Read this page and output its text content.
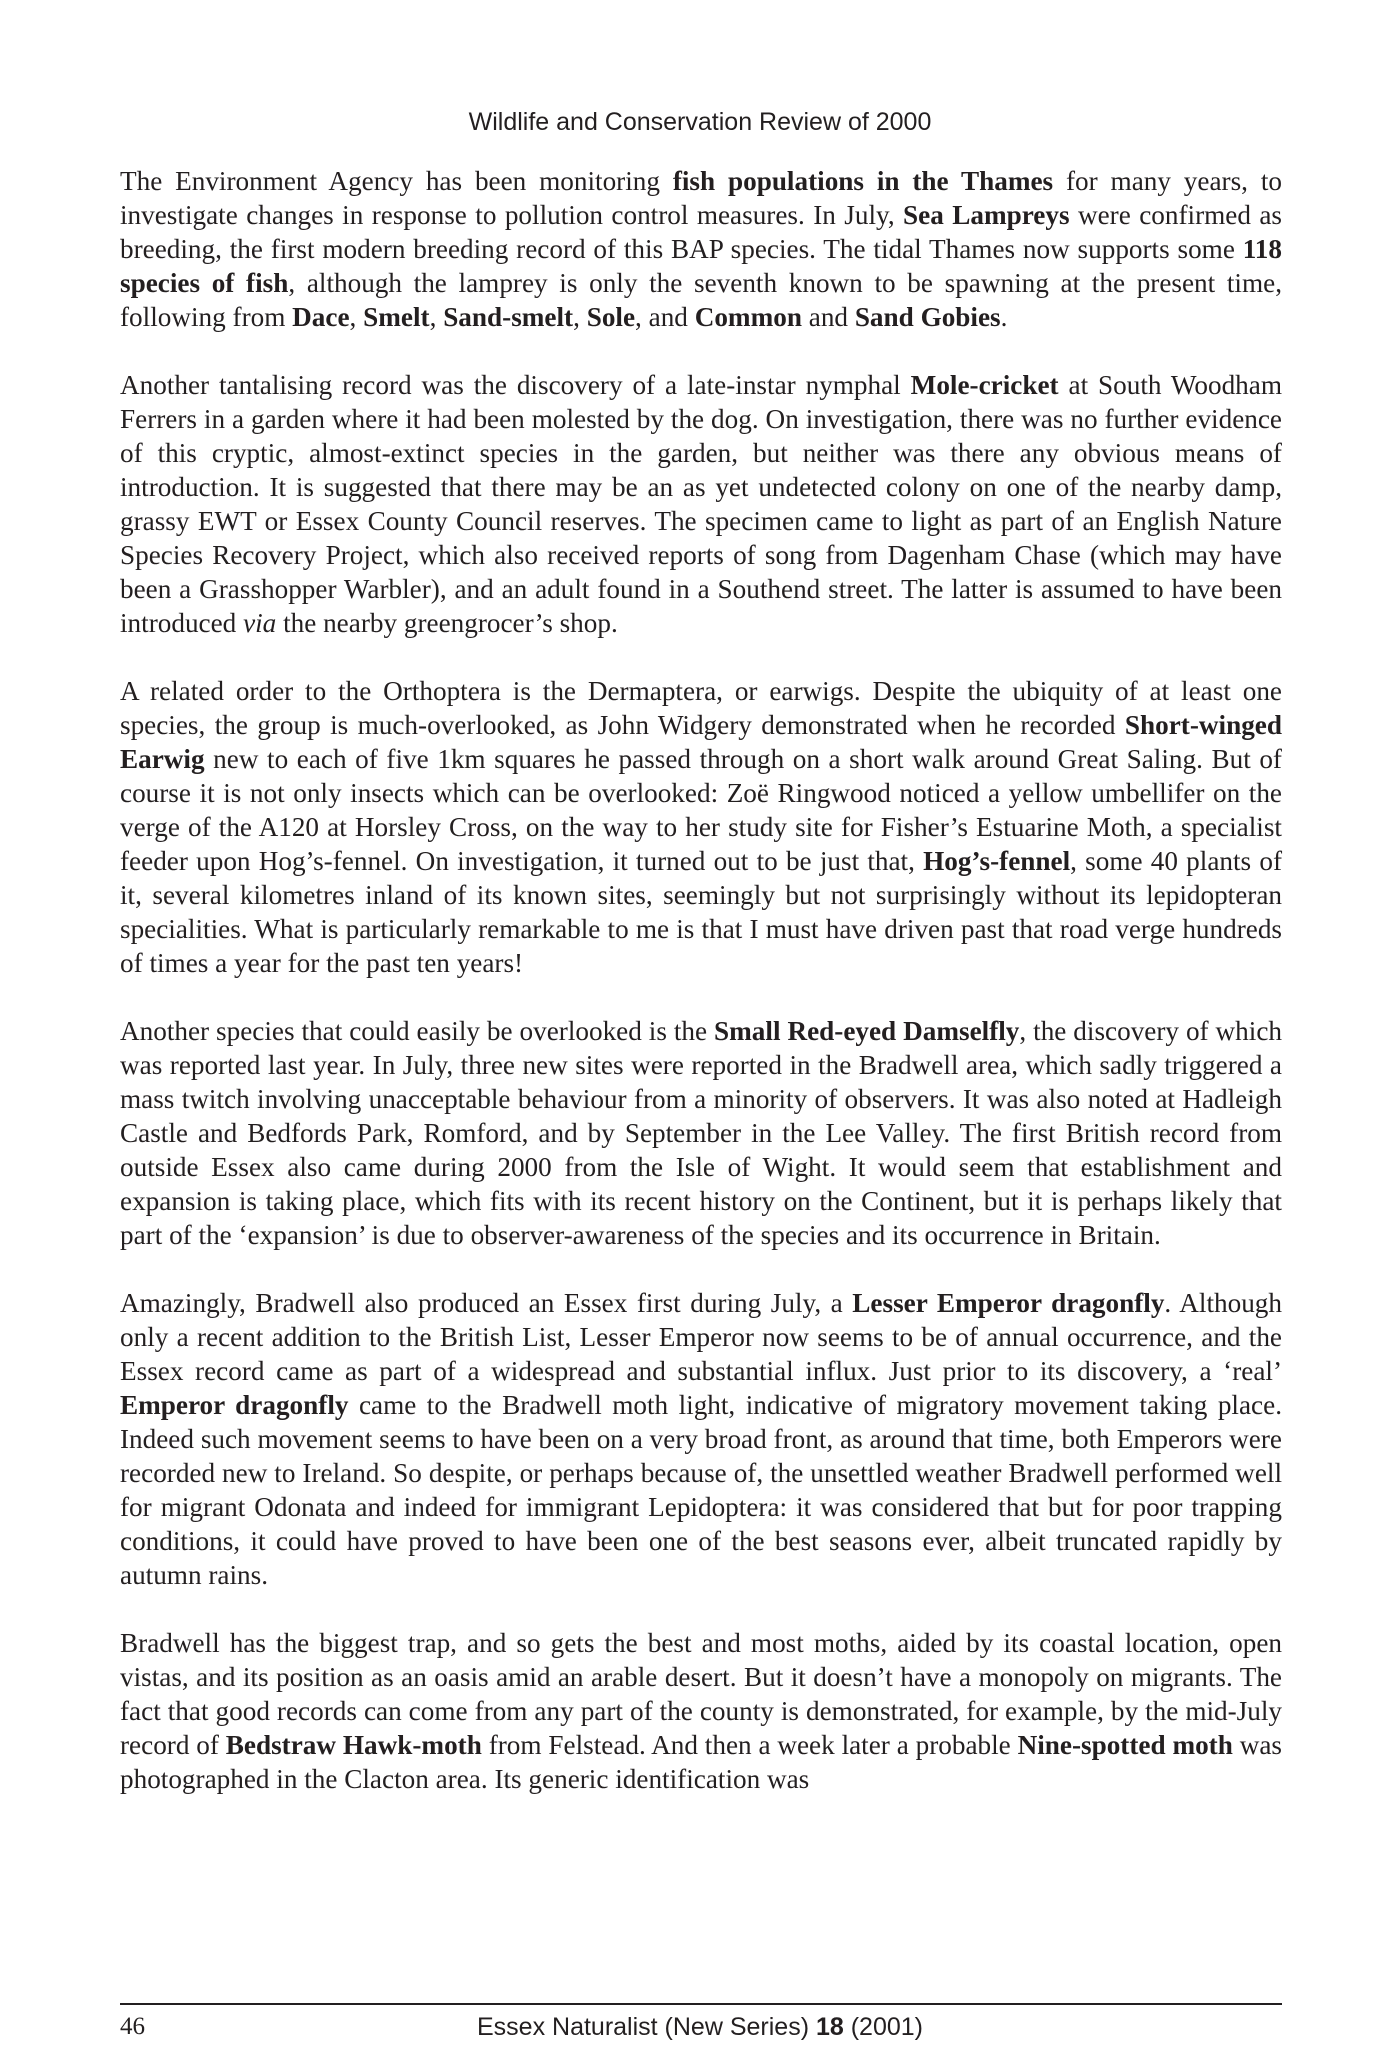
Wildlife and Conservation Review of 2000

The Environment Agency has been monitoring fish populations in the Thames for many years, to investigate changes in response to pollution control measures. In July, Sea Lampreys were confirmed as breeding, the first modern breeding record of this BAP species. The tidal Thames now supports some 118 species of fish, although the lamprey is only the seventh known to be spawning at the present time, following from Dace, Smelt, Sand-smelt, Sole, and Common and Sand Gobies.

Another tantalising record was the discovery of a late-instar nymphal Mole-cricket at South Woodham Ferrers in a garden where it had been molested by the dog. On investigation, there was no further evidence of this cryptic, almost-extinct species in the garden, but neither was there any obvious means of introduction. It is suggested that there may be an as yet undetected colony on one of the nearby damp, grassy EWT or Essex County Council reserves. The specimen came to light as part of an English Nature Species Recovery Project, which also received reports of song from Dagenham Chase (which may have been a Grasshopper Warbler), and an adult found in a Southend street. The latter is assumed to have been introduced via the nearby greengrocer’s shop.

A related order to the Orthoptera is the Dermaptera, or earwigs. Despite the ubiquity of at least one species, the group is much-overlooked, as John Widgery demonstrated when he recorded Short-winged Earwig new to each of five 1km squares he passed through on a short walk around Great Saling. But of course it is not only insects which can be overlooked: Zoë Ringwood noticed a yellow umbellifer on the verge of the A120 at Horsley Cross, on the way to her study site for Fisher’s Estuarine Moth, a specialist feeder upon Hog’s-fennel. On investigation, it turned out to be just that, Hog’s-fennel, some 40 plants of it, several kilometres inland of its known sites, seemingly but not surprisingly without its lepidopteran specialities. What is particularly remarkable to me is that I must have driven past that road verge hundreds of times a year for the past ten years!

Another species that could easily be overlooked is the Small Red-eyed Damselfly, the discovery of which was reported last year. In July, three new sites were reported in the Bradwell area, which sadly triggered a mass twitch involving unacceptable behaviour from a minority of observers. It was also noted at Hadleigh Castle and Bedfords Park, Romford, and by September in the Lee Valley. The first British record from outside Essex also came during 2000 from the Isle of Wight. It would seem that establishment and expansion is taking place, which fits with its recent history on the Continent, but it is perhaps likely that part of the ‘expansion’ is due to observer-awareness of the species and its occurrence in Britain.

Amazingly, Bradwell also produced an Essex first during July, a Lesser Emperor dragonfly. Although only a recent addition to the British List, Lesser Emperor now seems to be of annual occurrence, and the Essex record came as part of a widespread and substantial influx. Just prior to its discovery, a ‘real’ Emperor dragonfly came to the Bradwell moth light, indicative of migratory movement taking place. Indeed such movement seems to have been on a very broad front, as around that time, both Emperors were recorded new to Ireland. So despite, or perhaps because of, the unsettled weather Bradwell performed well for migrant Odonata and indeed for immigrant Lepidoptera: it was considered that but for poor trapping conditions, it could have proved to have been one of the best seasons ever, albeit truncated rapidly by autumn rains.

Bradwell has the biggest trap, and so gets the best and most moths, aided by its coastal location, open vistas, and its position as an oasis amid an arable desert. But it doesn’t have a monopoly on migrants. The fact that good records can come from any part of the county is demonstrated, for example, by the mid-July record of Bedstraw Hawk-moth from Felstead. And then a week later a probable Nine-spotted moth was photographed in the Clacton area. Its generic identification was

46	Essex Naturalist (New Series) 18 (2001)
